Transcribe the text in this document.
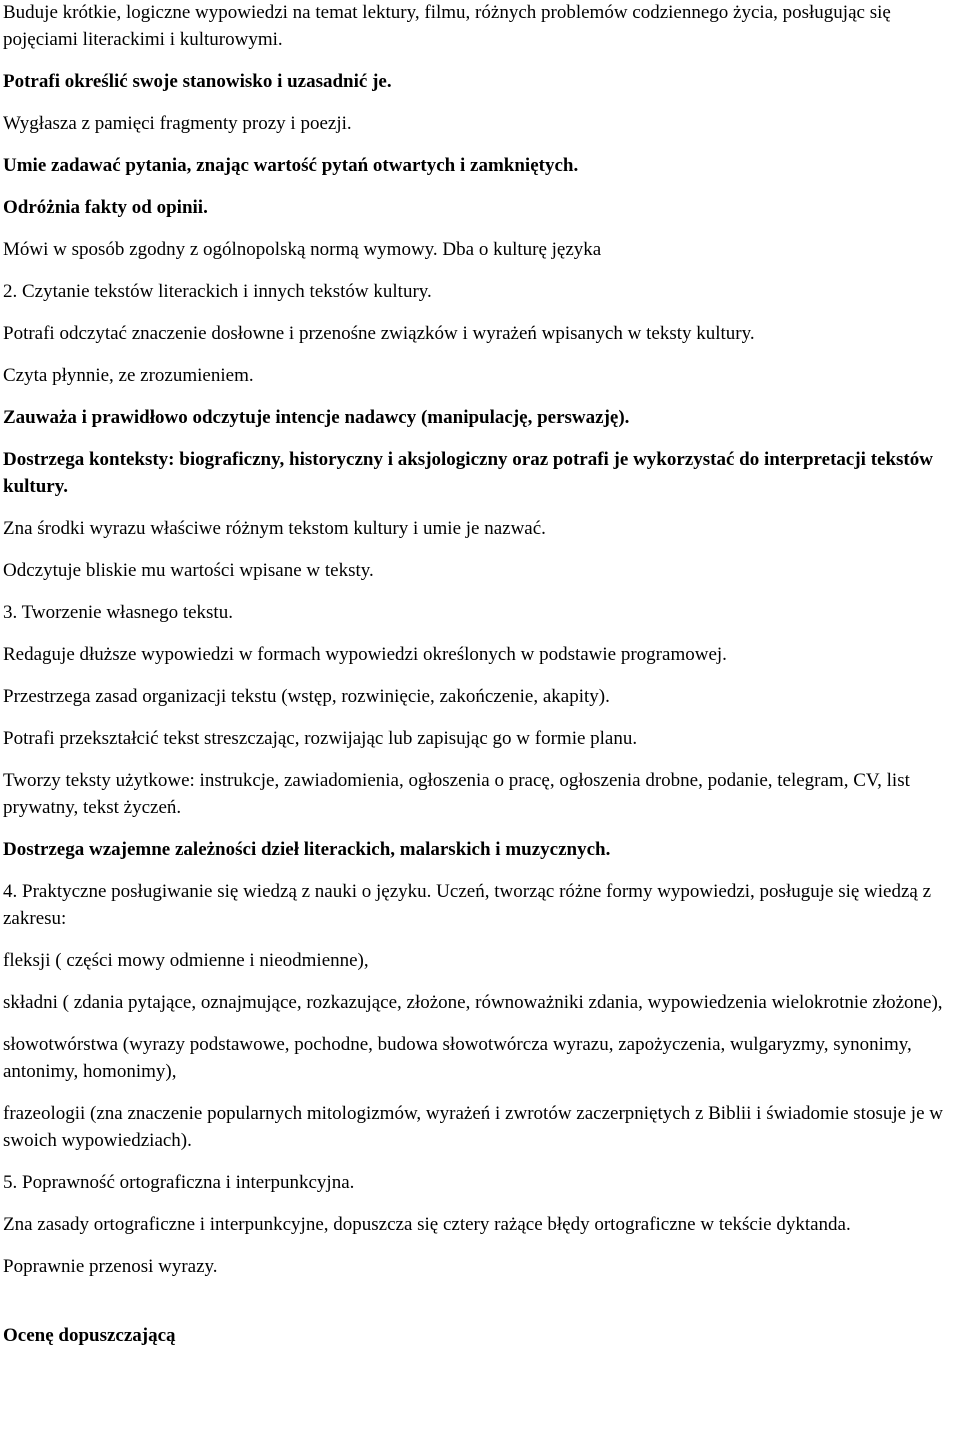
Buduje krótkie, logiczne wypowiedzi na temat lektury, filmu, różnych problemów codziennego życia, posługując się pojęciami literackimi i kulturowymi.

Potrafi określić swoje stanowisko i uzasadnić je.

Wygłasza z pamięci fragmenty prozy i poezji.

Umie zadawać pytania, znając wartość pytań otwartych i zamkniętych.

Odróżnia fakty od opinii.

Mówi w sposób zgodny z ogólnopolską normą wymowy. Dba o kulturę języka

2. Czytanie tekstów literackich i innych tekstów kultury.

Potrafi odczytać znaczenie dosłowne i przenośne związków i wyrażeń wpisanych w teksty kultury.

Czyta płynnie, ze zrozumieniem.

Zauważa i prawidłowo odczytuje intencje nadawcy (manipulację, perswazję).

Dostrzega konteksty: biograficzny, historyczny i aksjologiczny oraz potrafi je wykorzystać do interpretacji tekstów kultury.

Zna środki wyrazu właściwe różnym tekstom kultury i umie je nazwać.

Odczytuje bliskie mu wartości wpisane w teksty.

3. Tworzenie własnego tekstu.

Redaguje dłuższe wypowiedzi w formach wypowiedzi określonych w podstawie programowej.

Przestrzega zasad organizacji tekstu (wstęp, rozwinięcie, zakończenie, akapity).

Potrafi przekształcić tekst streszczając, rozwijając lub zapisując go w formie planu.

Tworzy teksty użytkowe: instrukcje, zawiadomienia, ogłoszenia o pracę, ogłoszenia drobne, podanie, telegram, CV, list prywatny, tekst życzeń.

Dostrzega wzajemne zależności dzieł literackich, malarskich i muzycznych.

4. Praktyczne posługiwanie się wiedzą z nauki o języku. Uczeń, tworząc różne formy wypowiedzi, posługuje się wiedzą z zakresu:

fleksji ( części mowy odmienne i nieodmienne),

składni ( zdania pytające, oznajmujące, rozkazujące, złożone, równoważniki zdania, wypowiedzenia wielokrotnie złożone),

słowotwórstwa (wyrazy podstawowe, pochodne, budowa słowotwórcza wyrazu, zapożyczenia, wulgaryzmy, synonimy, antonimy, homonimy),

frazeologii (zna znaczenie popularnych mitologizmów, wyrażeń i zwrotów zaczerpniętych z Biblii i świadomie stosuje je w swoich wypowiedziach).

5. Poprawność ortograficzna i interpunkcyjna.

Zna zasady ortograficzne i interpunkcyjne, dopuszcza się cztery rażące błędy ortograficzne w tekście dyktanda.

Poprawnie przenosi wyrazy.

Ocenę dopuszczającą
